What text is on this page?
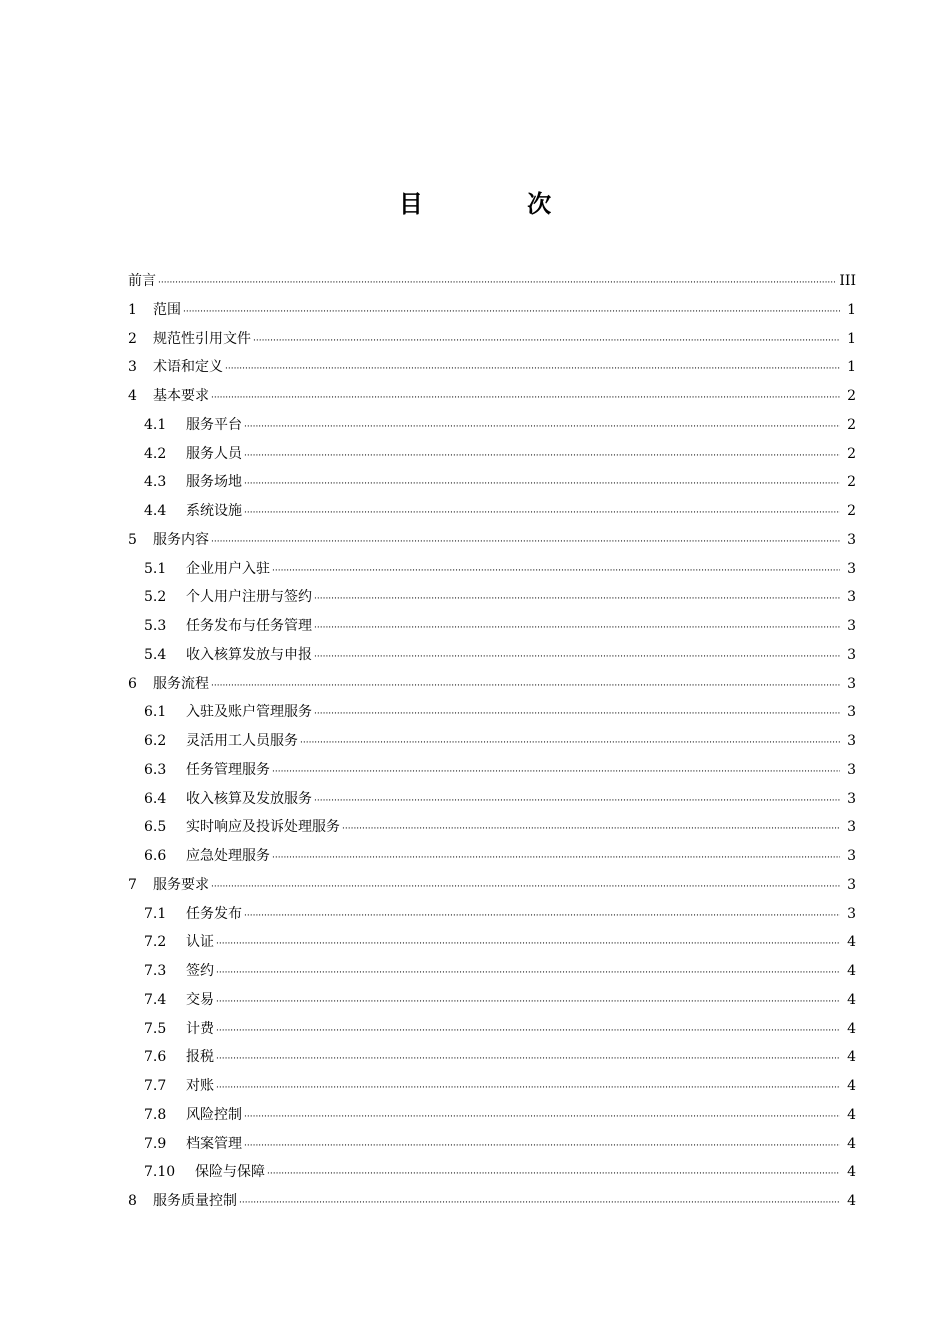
目 次
前言 ·····	III
1	范围 ·····	1
2	规范性引用文件 ·····	1
3	术语和定义 ·····	1
4	基本要求 ·····	2
4.1	服务平台 ·····	2
4.2	服务人员 ·····	2
4.3	服务场地 ·····	2
4.4	系统设施 ·····	2
5	服务内容 ·····	3
5.1	企业用户入驻 ·····	3
5.2	个人用户注册与签约 ·····	3
5.3	任务发布与任务管理 ·····	3
5.4	收入核算发放与申报 ·····	3
6	服务流程 ·····	3
6.1	入驻及账户管理服务 ·····	3
6.2	灵活用工人员服务 ·····	3
6.3	任务管理服务 ·····	3
6.4	收入核算及发放服务 ·····	3
6.5	实时响应及投诉处理服务 ·····	3
6.6	应急处理服务 ·····	3
7	服务要求 ·····	3
7.1	任务发布 ·····	3
7.2	认证 ·····	4
7.3	签约 ·····	4
7.4	交易 ·····	4
7.5	计费 ·····	4
7.6	报税 ·····	4
7.7	对账 ·····	4
7.8	风险控制 ·····	4
7.9	档案管理 ·····	4
7.10	保险与保障 ·····	4
8	服务质量控制 ·····	4
